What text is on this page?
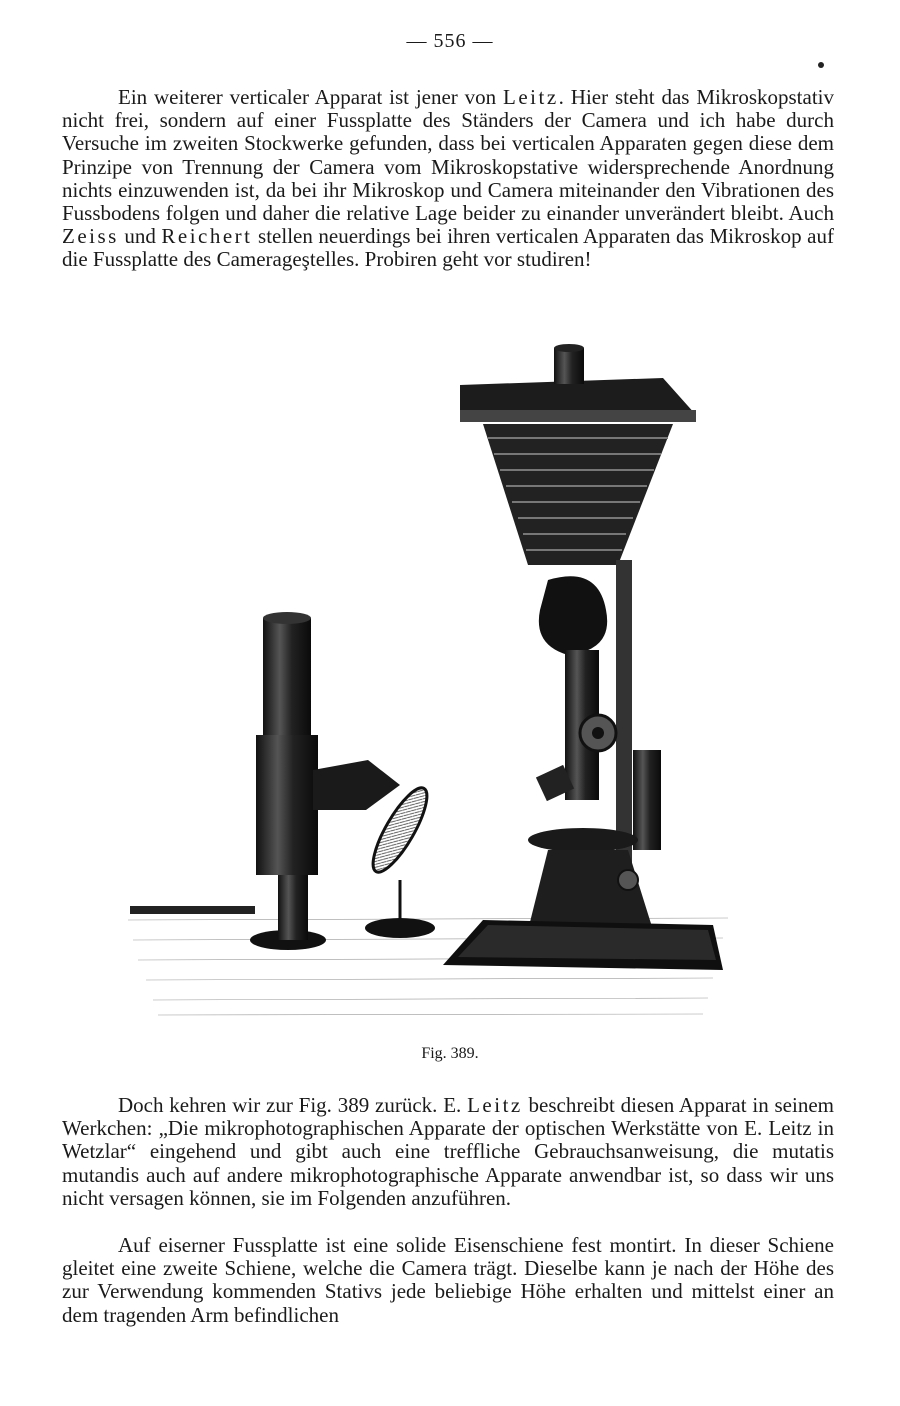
— 556 —

Ein weiterer verticaler Apparat ist jener von Leitz. Hier steht das Mikroskopstativ nicht frei, sondern auf einer Fussplatte des Ständers der Camera und ich habe durch Versuche im zweiten Stockwerke gefunden, dass bei verticalen Apparaten gegen diese dem Prinzipe von Trennung der Camera vom Mikroskopstative widersprechende Anordnung nichts einzuwenden ist, da bei ihr Mikroskop und Camera miteinander den Vibrationen des Fussbodens folgen und daher die relative Lage beider zu einander unverändert bleibt. Auch Zeiss und Reichert stellen neuerdings bei ihren verticalen Apparaten das Mikroskop auf die Fussplatte des Camerageştelles. Probiren geht vor studiren!

Fig. 389.

Doch kehren wir zur Fig. 389 zurück. E. Leitz beschreibt diesen Apparat in seinem Werkchen: „Die mikrophotographischen Apparate der optischen Werkstätte von E. Leitz in Wetzlar“ eingehend und gibt auch eine treffliche Gebrauchsanweisung, die mutatis mutandis auch auf andere mikrophotographische Apparate anwendbar ist, so dass wir uns nicht versagen können, sie im Folgenden anzuführen.

Auf eiserner Fussplatte ist eine solide Eisenschiene fest montirt. In dieser Schiene gleitet eine zweite Schiene, welche die Camera trägt. Dieselbe kann je nach der Höhe des zur Verwendung kommenden Stativs jede beliebige Höhe erhalten und mittelst einer an dem tragenden Arm befindlichen
